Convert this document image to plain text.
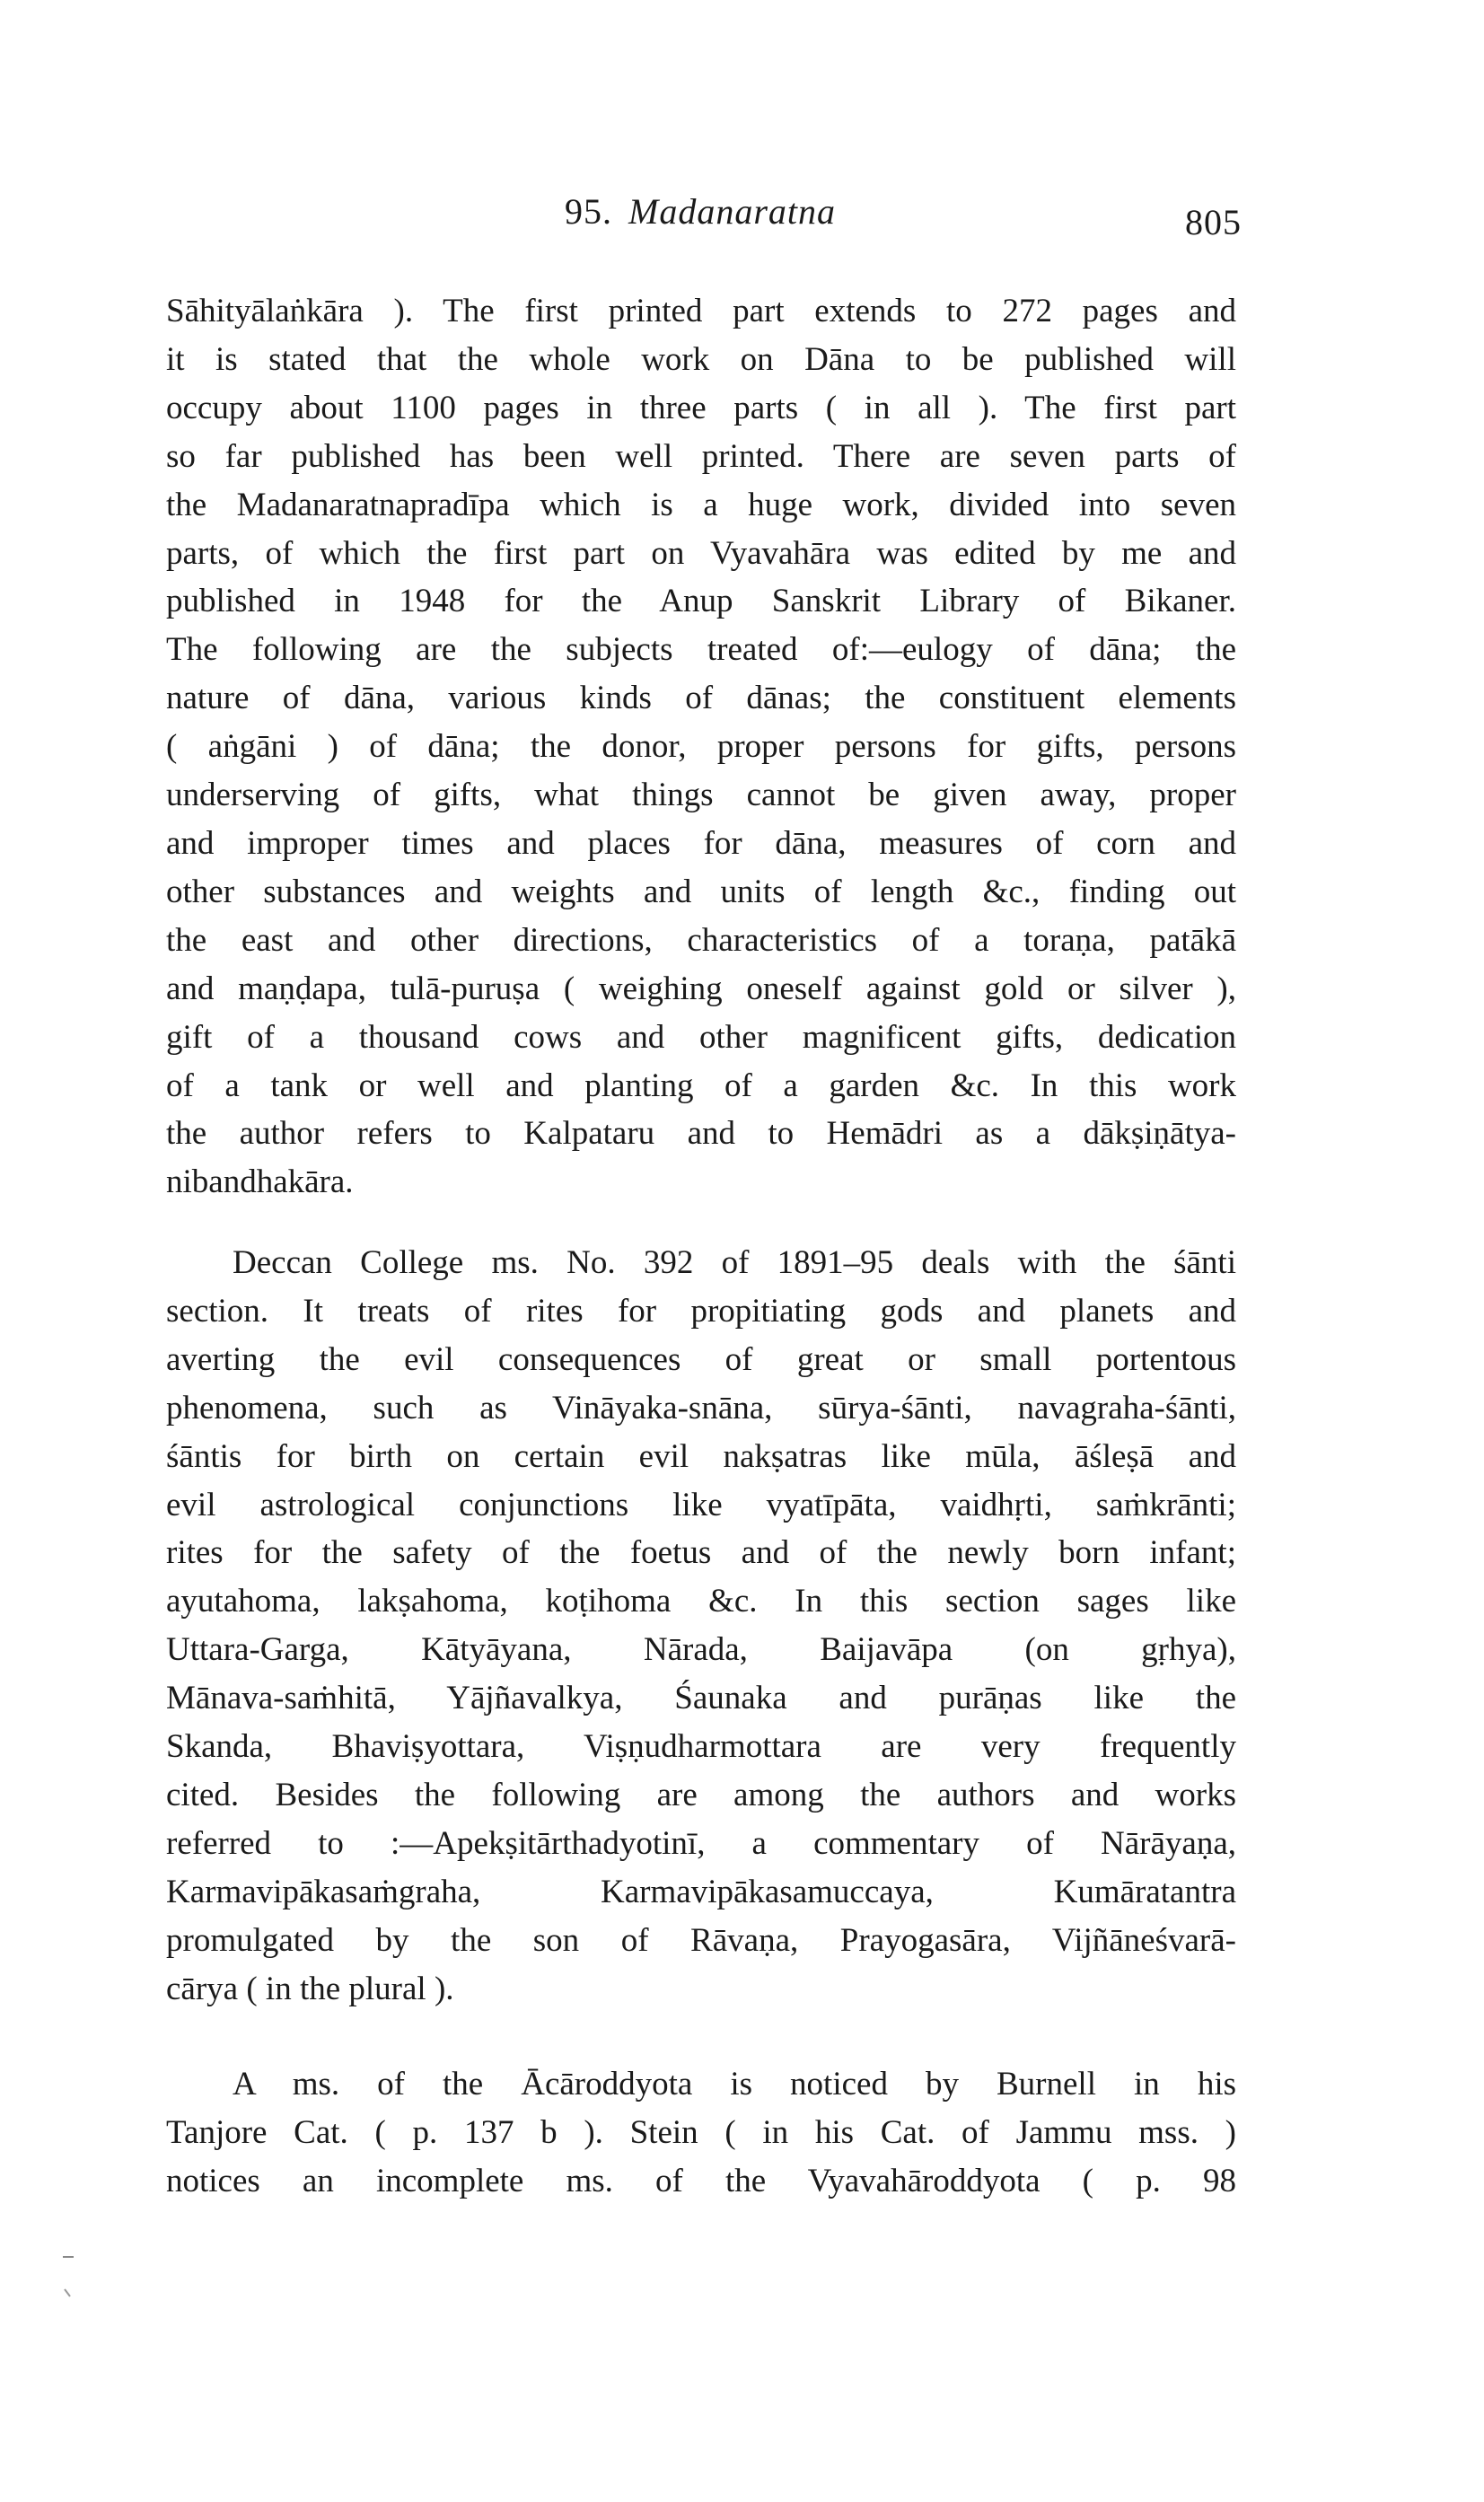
95. Madanaratna	805
Sāhityālaṅkāra ). The first printed part extends to 272 pages and
it is stated that the whole work on Dāna to be published will
occupy about 1100 pages in three parts ( in all ). The first part
so far published has been well printed. There are seven parts of
the Madanaratnapradīpa which is a huge work, divided into seven
parts, of which the first part on Vyavahāra was edited by me and
published in 1948 for the Anup Sanskrit Library of Bikaner.
The following are the subjects treated of:—eulogy of dāna; the
nature of dāna, various kinds of dānas; the constituent elements
( aṅgāni ) of dāna; the donor, proper persons for gifts, persons
underserving of gifts, what things cannot be given away, proper
and improper times and places for dāna, measures of corn and
other substances and weights and units of length &c., finding out
the east and other directions, characteristics of a toraṇa, patākā
and maṇḍapa, tulā-puruṣa ( weighing oneself against gold or silver ),
gift of a thousand cows and other magnificent gifts, dedication
of a tank or well and planting of a garden &c. In this work
the author refers to Kalpataru and to Hemādri as a dākṣiṇātya-
nibandhakāra.
Deccan College ms. No. 392 of 1891–95 deals with the śānti
section. It treats of rites for propitiating gods and planets and
averting the evil consequences of great or small portentous
phenomena, such as Vināyaka-snāna, sūrya-śānti, navagraha-śānti,
śāntis for birth on certain evil nakṣatras like mūla, āśleṣā and
evil astrological conjunctions like vyatīpāta, vaidhṛti, saṁkrānti;
rites for the safety of the foetus and of the newly born infant;
ayutahoma, lakṣahoma, koṭihoma &c. In this section sages like
Uttara-Garga, Kātyāyana, Nārada, Baijavāpa (on gṛhya),
Mānava-saṁhitā, Yājñavalkya, Śaunaka and purāṇas like the
Skanda, Bhaviṣyottara, Viṣṇudharmottara are very frequently
cited. Besides the following are among the authors and works
referred to :—Apekṣitārthadyotinī, a commentary of Nārāyaṇa,
Karmavipākasaṁgraha, Karmavipākasamuccaya, Kumāratantra
promulgated by the son of Rāvaṇa, Prayogasāra, Vijñāneśvarā-
cārya ( in the plural ).
A ms. of the Ācāroddyota is noticed by Burnell in his
Tanjore Cat. ( p. 137 b ). Stein ( in his Cat. of Jammu mss. )
notices an incomplete ms. of the Vyavahāroddyota ( p. 98
